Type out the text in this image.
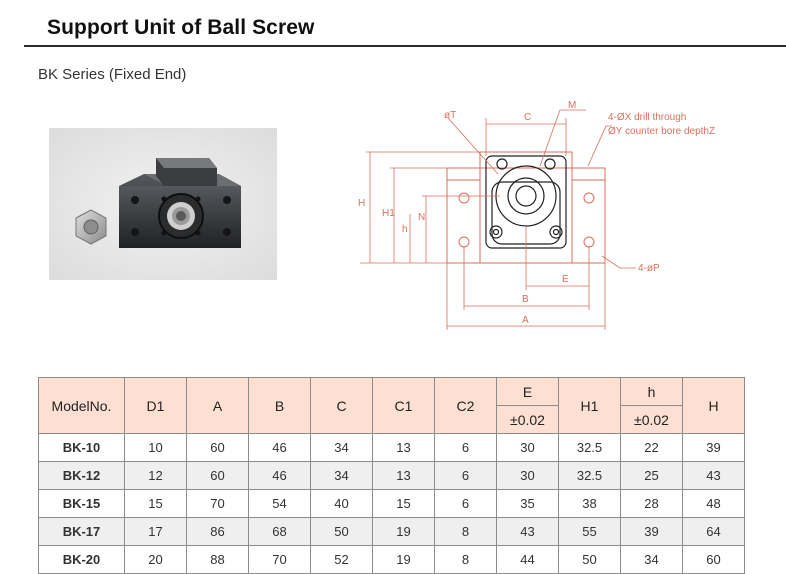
Support Unit of Ball Screw
BK Series (Fixed End)
H
H1
h
N
C
M
øT	4-ØX drill through
ØY counter bore depthZ
E
B
A
4-øP
ModelNo.	D1	A	B	C	C1	C2	E	H1	h	H
							±0.02		±0.02	
BK-10	10	60	46	34	13	6	30	32.5	22	39
BK-12	12	60	46	34	13	6	30	32.5	25	43
BK-15	15	70	54	40	15	6	35	38	28	48
BK-17	17	86	68	50	19	8	43	55	39	64
BK-20	20	88	70	52	19	8	44	50	34	60
